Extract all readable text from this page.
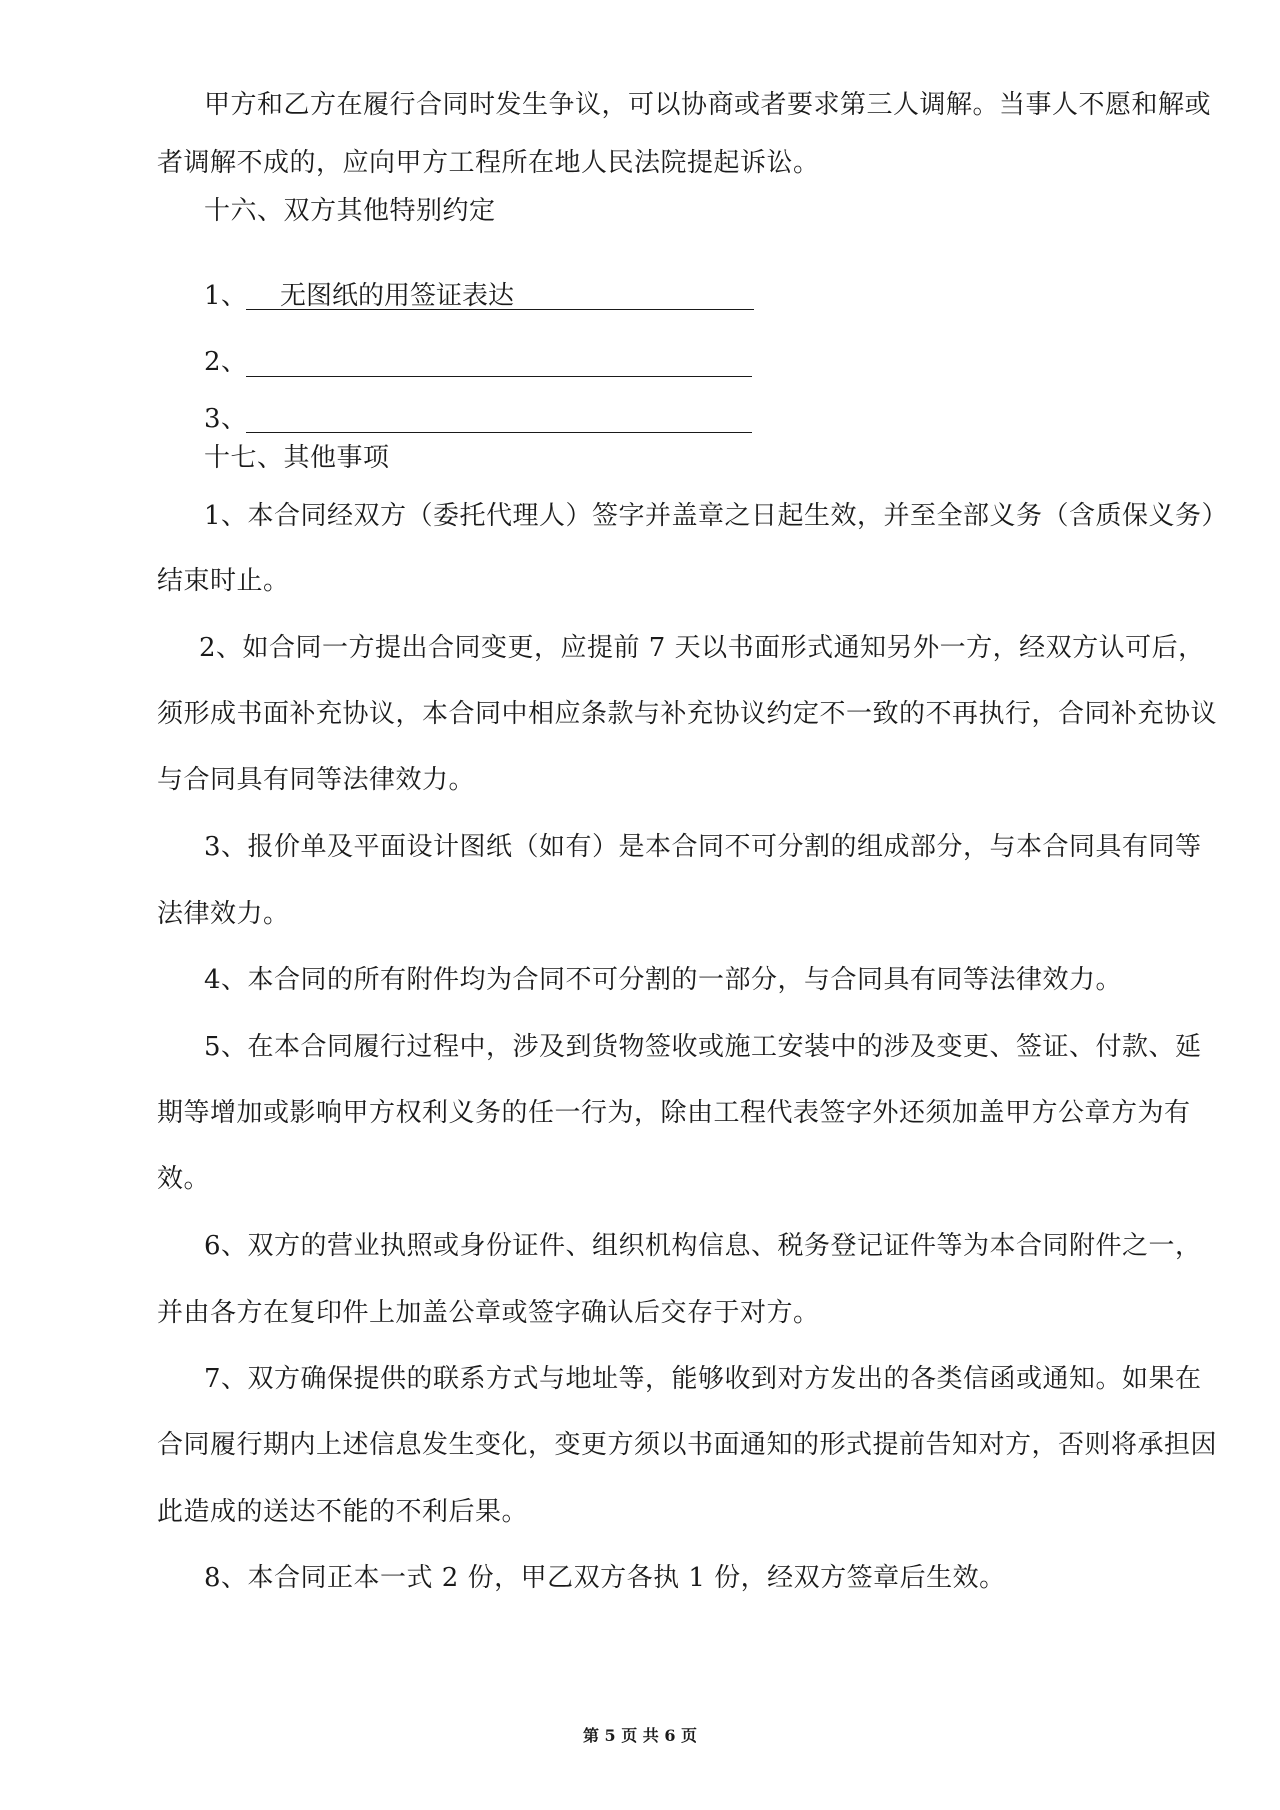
甲方和乙方在履行合同时发生争议，可以协商或者要求第三人调解。当事人不愿和解或
者调解不成的，应向甲方工程所在地人民法院提起诉讼。
十六、双方其他特别约定
1、 无图纸的用签证表达
2、
3、
十七、其他事项
1、本合同经双方（委托代理人）签字并盖章之日起生效，并至全部义务（含质保义务）
结束时止。
2、如合同一方提出合同变更，应提前 7 天以书面形式通知另外一方，经双方认可后，
须形成书面补充协议，本合同中相应条款与补充协议约定不一致的不再执行，合同补充协议
与合同具有同等法律效力。
3、报价单及平面设计图纸（如有）是本合同不可分割的组成部分，与本合同具有同等
法律效力。
4、本合同的所有附件均为合同不可分割的一部分，与合同具有同等法律效力。
5、在本合同履行过程中，涉及到货物签收或施工安装中的涉及变更、签证、付款、延
期等增加或影响甲方权利义务的任一行为，除由工程代表签字外还须加盖甲方公章方为有
效。
6、双方的营业执照或身份证件、组织机构信息、税务登记证件等为本合同附件之一，
并由各方在复印件上加盖公章或签字确认后交存于对方。
7、双方确保提供的联系方式与地址等，能够收到对方发出的各类信函或通知。如果在
合同履行期内上述信息发生变化，变更方须以书面通知的形式提前告知对方，否则将承担因
此造成的送达不能的不利后果。
8、本合同正本一式 2 份，甲乙双方各执 1 份，经双方签章后生效。
第 5 页 共 6 页
